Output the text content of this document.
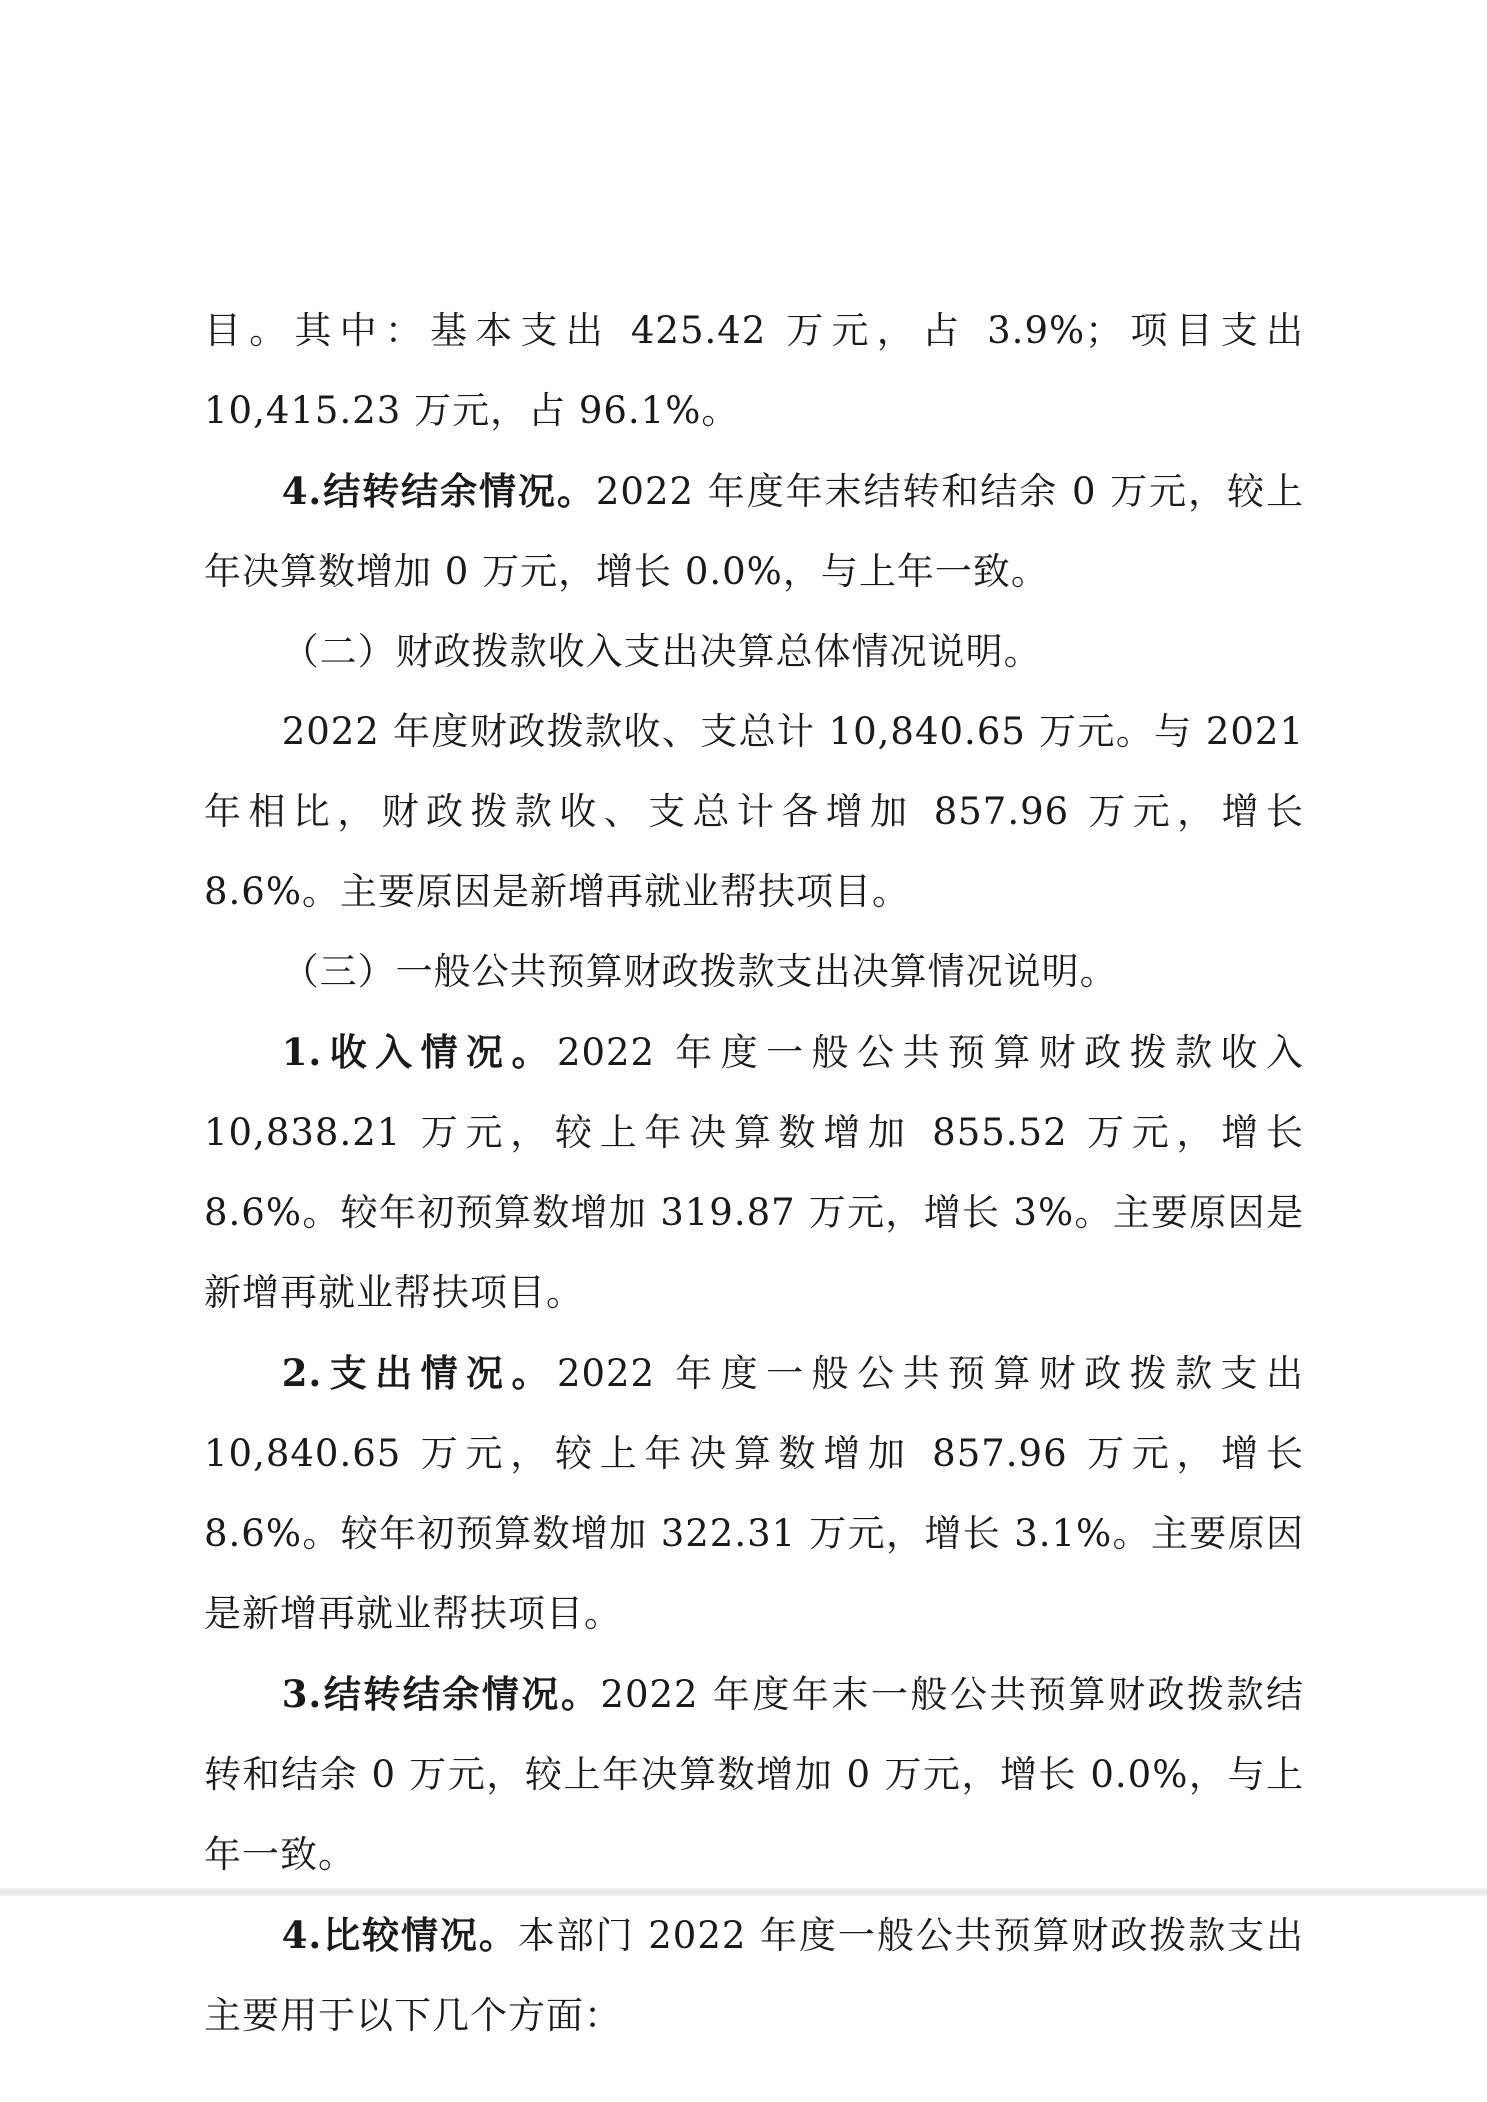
目。其中：基本支出 425.42 万元，占 3.9%；项目支出 10,415.23 万元，占 96.1%。

4.结转结余情况。2022 年度年末结转和结余 0 万元，较上年决算数增加 0 万元，增长 0.0%，与上年一致。

（二）财政拨款收入支出决算总体情况说明。

2022 年度财政拨款收、支总计 10,840.65 万元。与 2021 年相比，财政拨款收、支总计各增加 857.96 万元，增长 8.6%。主要原因是新增再就业帮扶项目。

（三）一般公共预算财政拨款支出决算情况说明。

1.收入情况。2022 年度一般公共预算财政拨款收入 10,838.21 万元，较上年决算数增加 855.52 万元，增长 8.6%。较年初预算数增加 319.87 万元，增长 3%。主要原因是新增再就业帮扶项目。

2.支出情况。2022 年度一般公共预算财政拨款支出 10,840.65 万元，较上年决算数增加 857.96 万元，增长 8.6%。较年初预算数增加 322.31 万元，增长 3.1%。主要原因是新增再就业帮扶项目。

3.结转结余情况。2022 年度年末一般公共预算财政拨款结转和结余 0 万元，较上年决算数增加 0 万元，增长 0.0%，与上年一致。

4.比较情况。本部门 2022 年度一般公共预算财政拨款支出主要用于以下几个方面：
